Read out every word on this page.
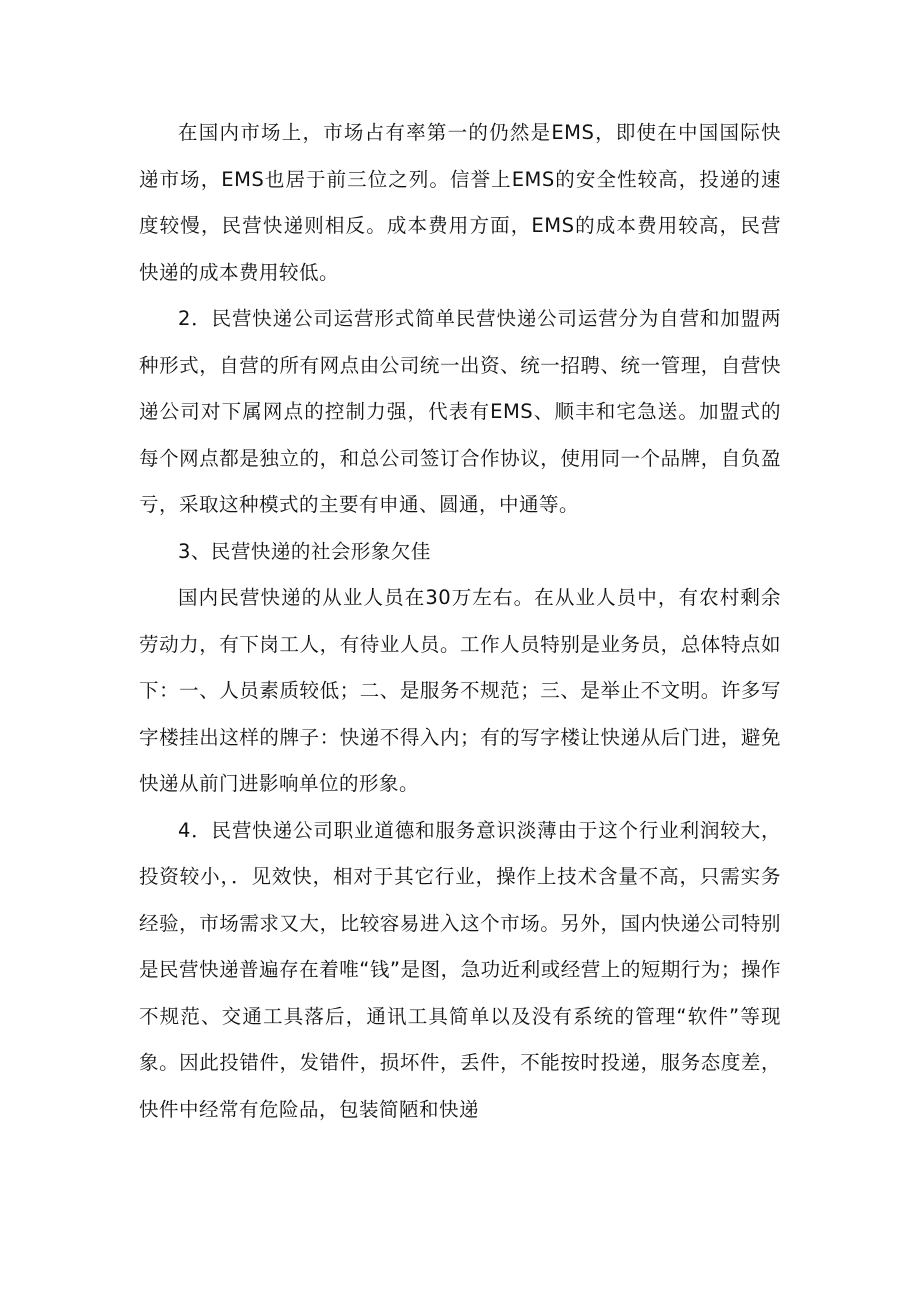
在国内市场上，市场占有率第一的仍然是EMS，即使在中国国际快递市场，EMS也居于前三位之列。信誉上EMS的安全性较高，投递的速度较慢，民营快递则相反。成本费用方面，EMS的成本费用较高，民营快递的成本费用较低。

2．民营快递公司运营形式简单民营快递公司运营分为自营和加盟两种形式，自营的所有网点由公司统一出资、统一招聘、统一管理，自营快递公司对下属网点的控制力强，代表有EMS、顺丰和宅急送。加盟式的每个网点都是独立的，和总公司签订合作协议，使用同一个品牌，自负盈亏，采取这种模式的主要有申通、圆通，中通等。

3、民营快递的社会形象欠佳

国内民营快递的从业人员在30万左右。在从业人员中，有农村剩余劳动力，有下岗工人，有待业人员。工作人员特别是业务员，总体特点如下：一、人员素质较低；二、是服务不规范；三、是举止不文明。许多写字楼挂出这样的牌子：快递不得入内；有的写字楼让快递从后门进，避免快递从前门进影响单位的形象。

4．民营快递公司职业道德和服务意识淡薄由于这个行业利润较大，投资较小，．见效快，相对于其它行业，操作上技术含量不高，只需实务经验，市场需求又大，比较容易进入这个市场。另外，国内快递公司特别是民营快递普遍存在着唯“钱”是图，急功近利或经营上的短期行为；操作不规范、交通工具落后，通讯工具简单以及没有系统的管理“软件”等现象。因此投错件，发错件，损坏件，丢件，不能按时投递，服务态度差，快件中经常有危险品，包装简陋和快递
